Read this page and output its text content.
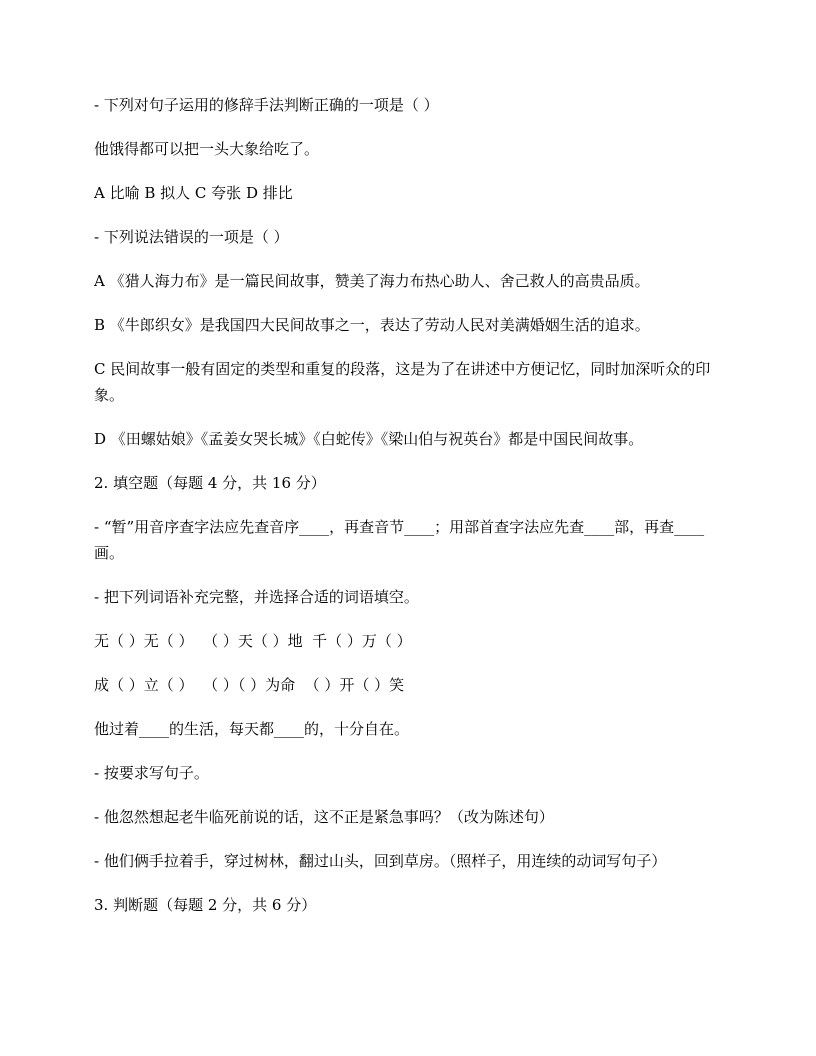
- 下列对句子运用的修辞手法判断正确的一项是（ ）

他饿得都可以把一头大象给吃了。

A 比喻 B 拟人 C 夸张 D 排比

- 下列说法错误的一项是（ ）

A 《猎人海力布》是一篇民间故事，赞美了海力布热心助人、舍己救人的高贵品质。

B 《牛郎织女》是我国四大民间故事之一，表达了劳动人民对美满婚姻生活的追求。

C 民间故事一般有固定的类型和重复的段落，这是为了在讲述中方便记忆，同时加深听众的印象。

D 《田螺姑娘》《孟姜女哭长城》《白蛇传》《梁山伯与祝英台》都是中国民间故事。

2. 填空题（每题 4 分，共 16 分）

- “暂”用音序查字法应先查音序____，再查音节____；用部首查字法应先查____部，再查____画。

- 把下列词语补充完整，并选择合适的词语填空。

无（ ）无（ ）  （ ）天（ ）地  千（ ）万（ ）

成（ ）立（ ）  （ ）（ ）为命  （ ）开（ ）笑

他过着____的生活，每天都____的，十分自在。

- 按要求写句子。

- 他忽然想起老牛临死前说的话，这不正是紧急事吗？（改为陈述句）

- 他们俩手拉着手，穿过树林，翻过山头，回到草房。（照样子，用连续的动词写句子）

3. 判断题（每题 2 分，共 6 分）
